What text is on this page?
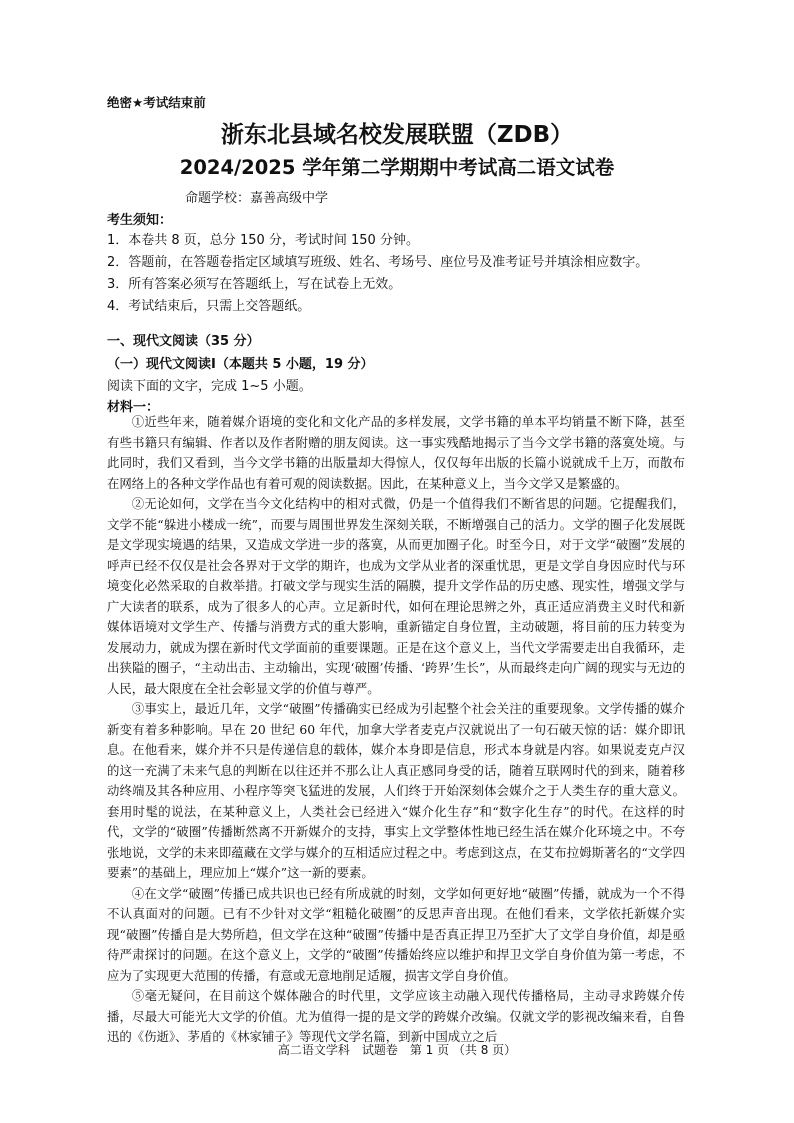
绝密★考试结束前
浙东北县域名校发展联盟（ZDB）
2024/2025 学年第二学期期中考试高二语文试卷
命题学校：嘉善高级中学
考生须知：
1．本卷共 8 页，总分 150 分，考试时间 150 分钟。
2．答题前，在答题卷指定区域填写班级、姓名、考场号、座位号及准考证号并填涂相应数字。
3．所有答案必须写在答题纸上，写在试卷上无效。
4．考试结束后，只需上交答题纸。
一、现代文阅读（35 分）
（一）现代文阅读Ⅰ（本题共 5 小题，19 分）
阅读下面的文字，完成 1~5 小题。
材料一：

①近些年来，随着媒介语境的变化和文化产品的多样发展，文学书籍的单本平均销量不断下降，甚至有些书籍只有编辑、作者以及作者附赠的朋友阅读。这一事实残酷地揭示了当今文学书籍的落寞处境。与此同时，我们又看到，当今文学书籍的出版量却大得惊人，仅仅每年出版的长篇小说就成千上万，而散布在网络上的各种文学作品也有着可观的阅读数据。因此，在某种意义上，当今文学又是繁盛的。

②无论如何，文学在当今文化结构中的相对式微，仍是一个值得我们不断省思的问题。它提醒我们，文学不能“躲进小楼成一统”，而要与周围世界发生深刻关联，不断增强自己的活力。文学的圈子化发展既是文学现实境遇的结果，又造成文学进一步的落寞，从而更加圈子化。时至今日，对于文学“破圈”发展的呼声已经不仅仅是社会各界对于文学的期许，也成为文学从业者的深重忧思，更是文学自身因应时代与环境变化必然采取的自救举措。打破文学与现实生活的隔膜，提升文学作品的历史感、现实性，增强文学与广大读者的联系，成为了很多人的心声。立足新时代，如何在理论思辨之外，真正适应消费主义时代和新媒体语境对文学生产、传播与消费方式的重大影响，重新锚定自身位置，主动破题，将目前的压力转变为发展动力，就成为摆在新时代文学面前的重要课题。正是在这个意义上，当代文学需要走出自我循环，走出狭隘的圈子，“主动出击、主动输出，实现‘破圈’传播、‘跨界’生长”，从而最终走向广阔的现实与无边的人民，最大限度在全社会彰显文学的价值与尊严。

③事实上，最近几年，文学“破圈”传播确实已经成为引起整个社会关注的重要现象。文学传播的媒介新变有着多种影响。早在 20 世纪 60 年代，加拿大学者麦克卢汉就说出了一句石破天惊的话：媒介即讯息。在他看来，媒介并不只是传递信息的载体，媒介本身即是信息，形式本身就是内容。如果说麦克卢汉的这一充满了未来气息的判断在以往还并不那么让人真正感同身受的话，随着互联网时代的到来，随着移动终端及其各种应用、小程序等突飞猛进的发展，人们终于开始深刻体会媒介之于人类生存的重大意义。套用时髦的说法，在某种意义上，人类社会已经进入“媒介化生存”和“数字化生存”的时代。在这样的时代，文学的“破圈”传播断然离不开新媒介的支持，事实上文学整体性地已经生活在媒介化环境之中。不夸张地说，文学的未来即蕴藏在文学与媒介的互相适应过程之中。考虑到这点，在艾布拉姆斯著名的“文学四要素”的基础上，理应加上“媒介”这一新的要素。

④在文学“破圈”传播已成共识也已经有所成就的时刻，文学如何更好地“破圈”传播，就成为一个不得不认真面对的问题。已有不少针对文学“粗糙化破圈”的反思声音出现。在他们看来，文学依托新媒介实现“破圈”传播自是大势所趋，但文学在这种“破圈”传播中是否真正捍卫乃至扩大了文学自身价值，却是亟待严肃探讨的问题。在这个意义上，文学的“破圈”传播始终应以维护和捍卫文学自身价值为第一考虑，不应为了实现更大范围的传播，有意或无意地削足适履，损害文学自身价值。

⑤毫无疑问，在目前这个媒体融合的时代里，文学应该主动融入现代传播格局，主动寻求跨媒介传播，尽最大可能光大文学的价值。尤为值得一提的是文学的跨媒介改编。仅就文学的影视改编来看，自鲁迅的《伤逝》、茅盾的《林家铺子》等现代文学名篇，到新中国成立之后

高二语文学科　试题卷　第 1 页 （共 8 页）
